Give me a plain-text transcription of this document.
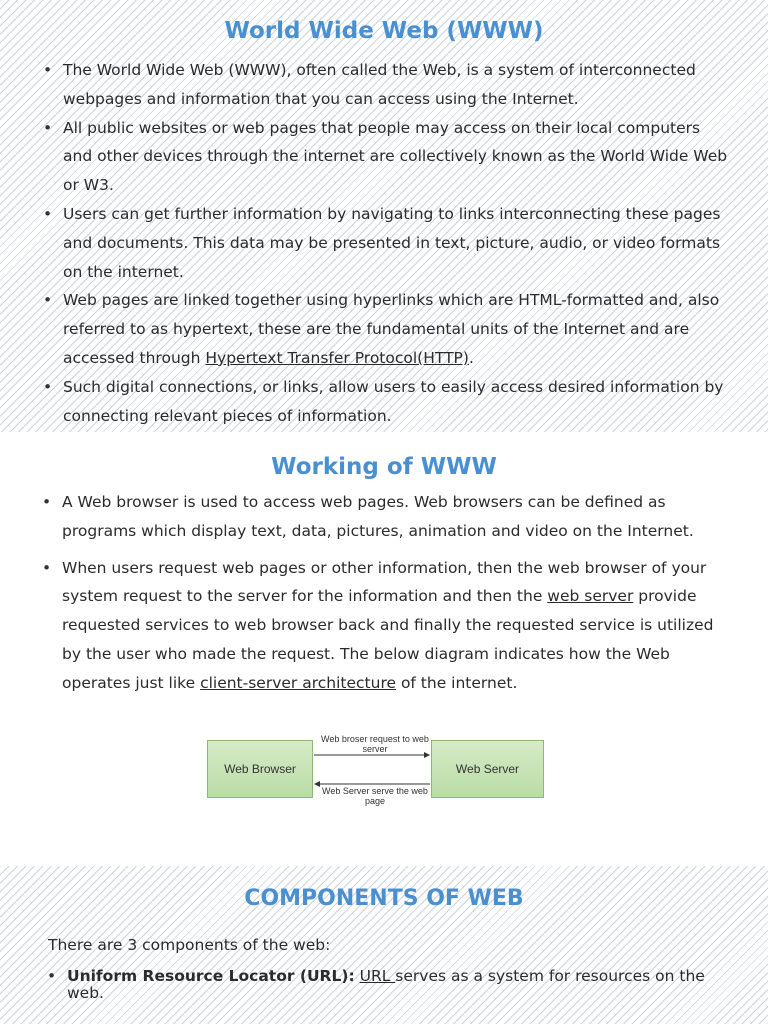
World Wide Web (WWW)
• The World Wide Web (WWW), often called the Web, is a system of interconnected webpages and information that you can access using the Internet.
• All public websites or web pages that people may access on their local computers and other devices through the internet are collectively known as the World Wide Web or W3.
• Users can get further information by navigating to links interconnecting these pages and documents. This data may be presented in text, picture, audio, or video formats on the internet.
• Web pages are linked together using hyperlinks which are HTML-formatted and, also referred to as hypertext, these are the fundamental units of the Internet and are accessed through Hypertext Transfer Protocol(HTTP).
• Such digital connections, or links, allow users to easily access desired information by connecting relevant pieces of information.
Working of WWW
• A Web browser is used to access web pages. Web browsers can be defined as programs which display text, data, pictures, animation and video on the Internet.
• When users request web pages or other information, then the web browser of your system request to the server for the information and then the web server provide requested services to web browser back and finally the requested service is utilized by the user who made the request. The below diagram indicates how the Web operates just like client-server architecture of the internet.
Web Browser	Web Server
Web broser request to web server
Web Server serve the web page
COMPONENTS OF WEB

There are 3 components of the web:

• Uniform Resource Locator (URL): URL serves as a system for resources on the web.
